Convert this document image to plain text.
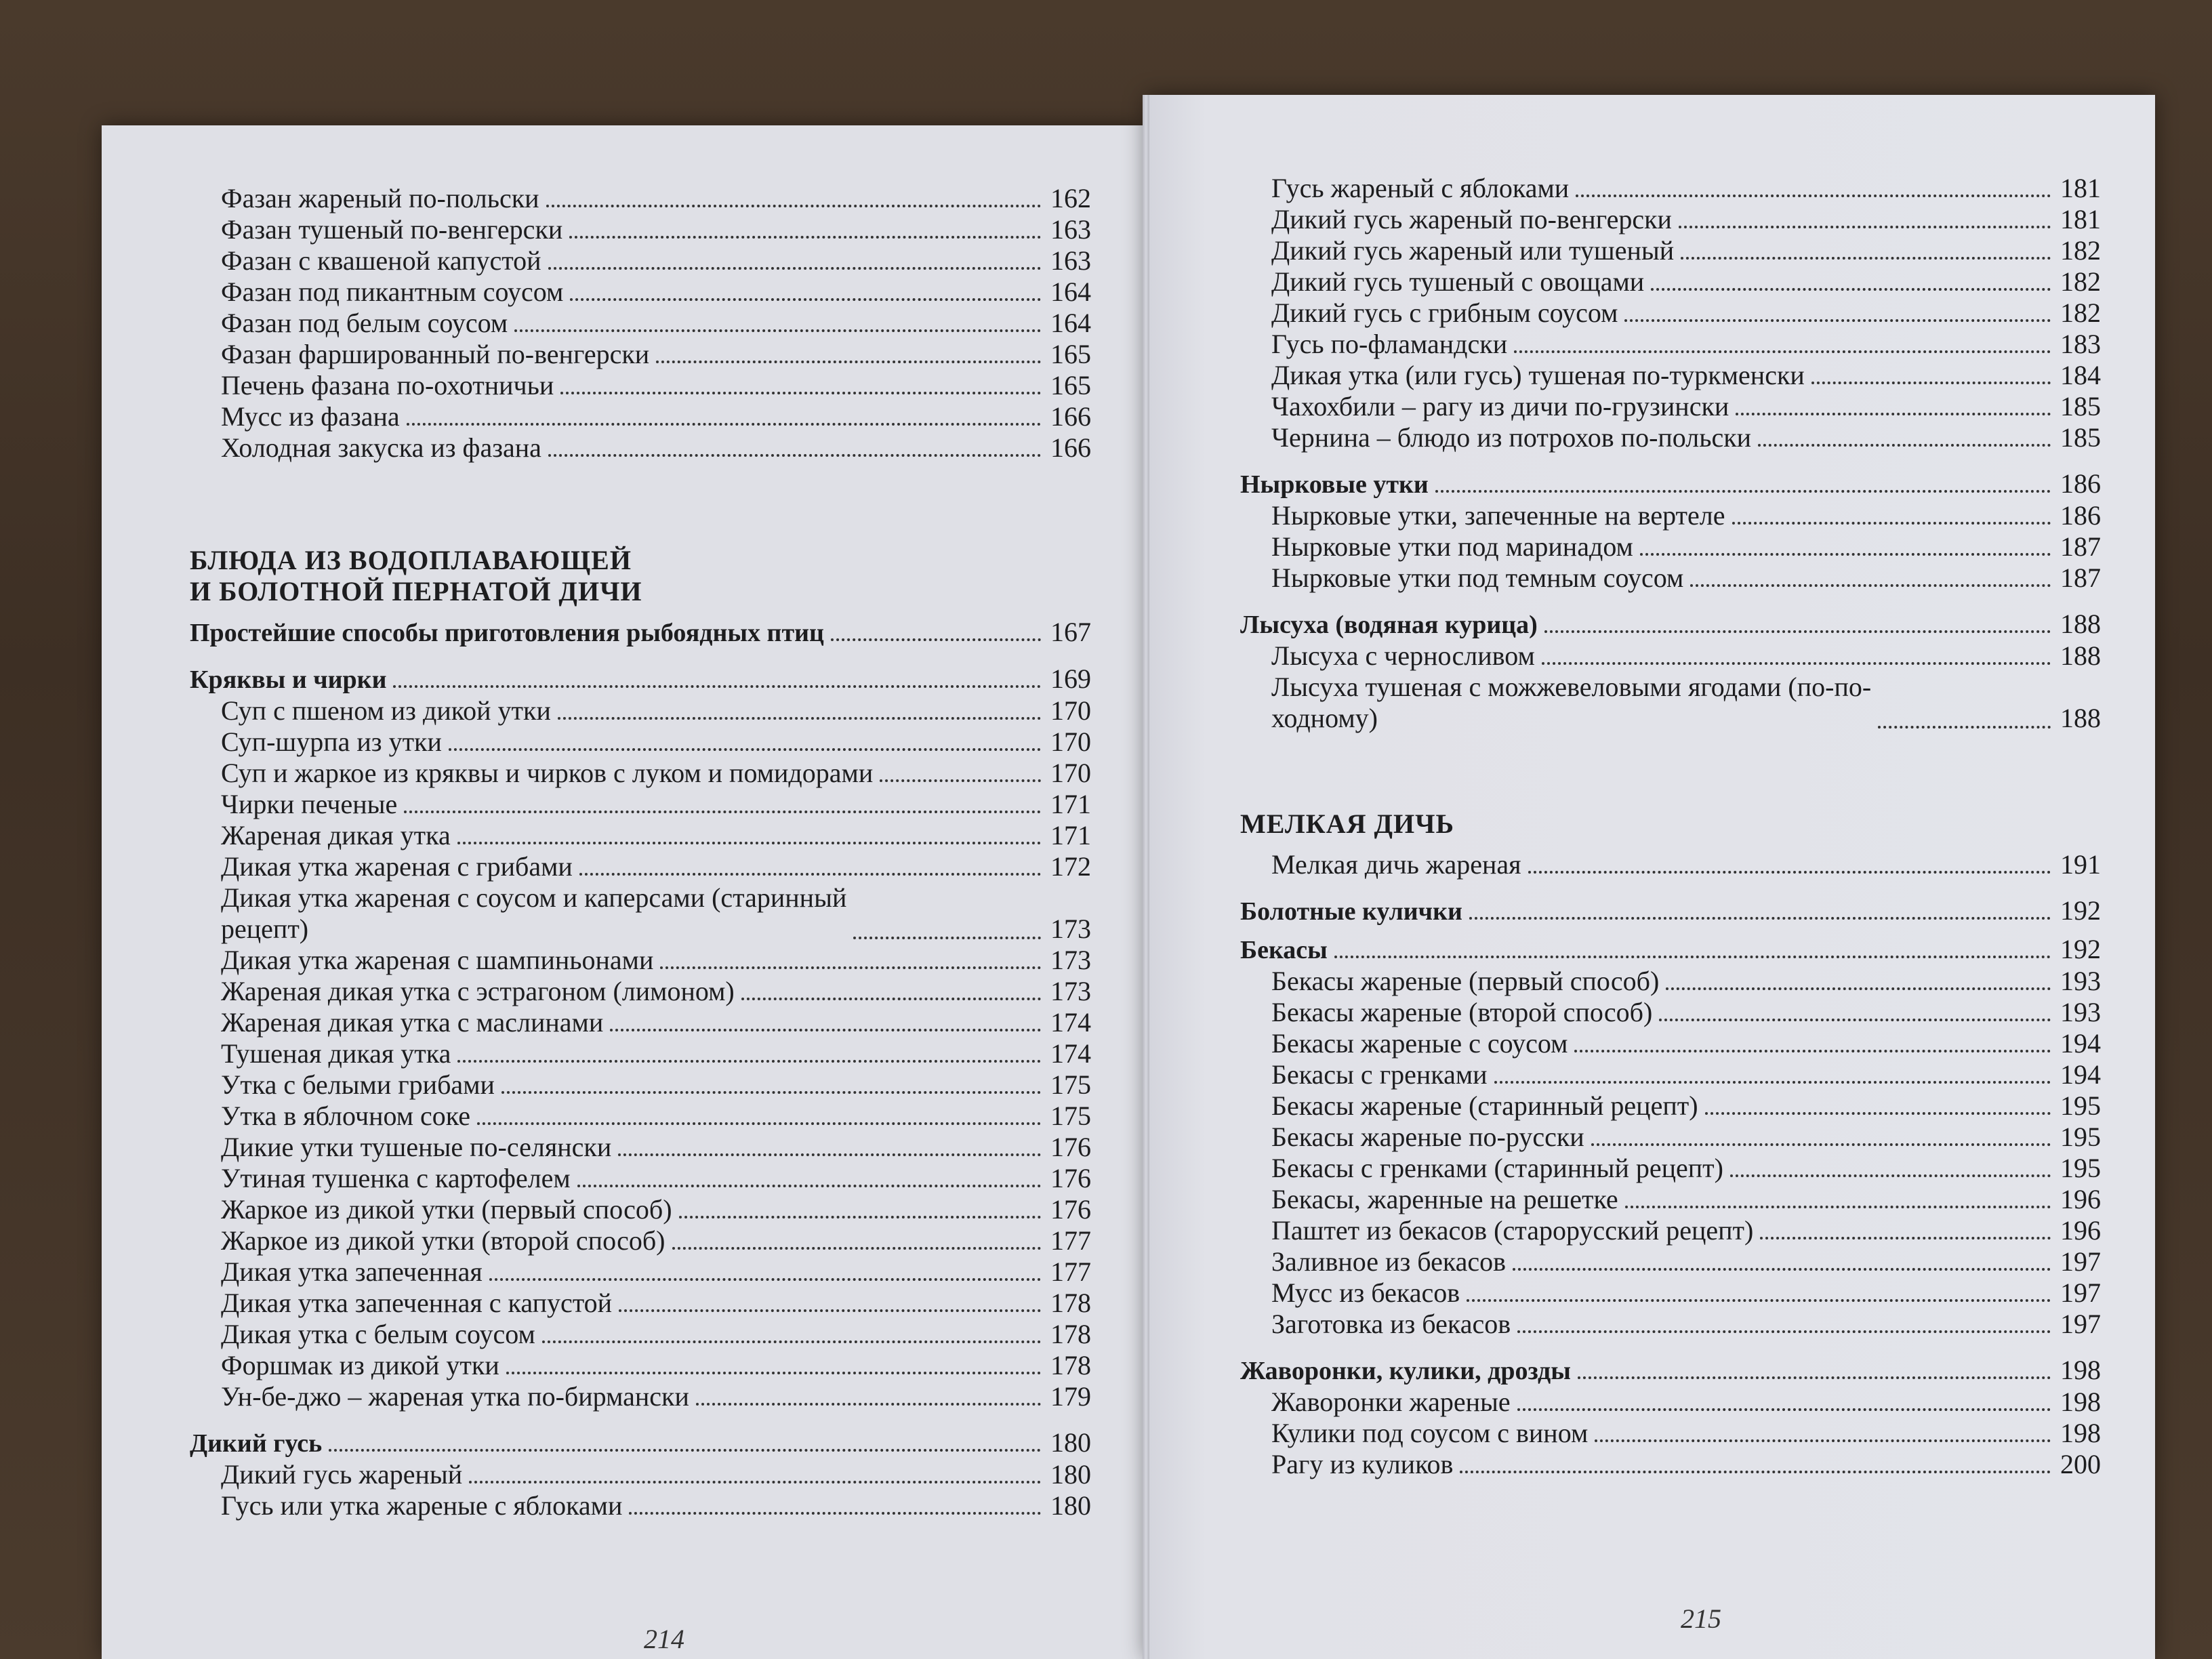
Фазан жареный по-польски	162
Фазан тушеный по-венгерски	163
Фазан с квашеной капустой	163
Фазан под пикантным соусом	164
Фазан под белым соусом	164
Фазан фаршированный по-венгерски	165
Печень фазана по-охотничьи	165
Мусс из фазана	166
Холодная закуска из фазана	166
БЛЮДА ИЗ ВОДОПЛАВАЮЩЕЙ
И БОЛОТНОЙ ПЕРНАТОЙ ДИЧИ
Простейшие способы приготовления рыбоядных птиц	167
Кряквы и чирки	169
Суп с пшеном из дикой утки	170
Суп-шурпа из утки	170
Суп и жаркое из кряквы и чирков с луком и помидорами	170
Чирки печеные	171
Жареная дикая утка	171
Дикая утка жареная с грибами	172
Дикая утка жареная с соусом и каперсами (старинный
рецепт)	173
Дикая утка жареная с шампиньонами	173
Жареная дикая утка с эстрагоном (лимоном)	173
Жареная дикая утка с маслинами	174
Тушеная дикая утка	174
Утка с белыми грибами	175
Утка в яблочном соке	175
Дикие утки тушеные по-селянски	176
Утиная тушенка с картофелем	176
Жаркое из дикой утки (первый способ)	176
Жаркое из дикой утки (второй способ)	177
Дикая утка запеченная	177
Дикая утка запеченная с капустой	178
Дикая утка с белым соусом	178
Форшмак из дикой утки	178
Ун-бе-джо – жареная утка по-бирмански	179
Дикий гусь	180
Дикий гусь жареный	180
Гусь или утка жареные с яблоками	180
214
Гусь жареный с яблоками	181
Дикий гусь жареный по-венгерски	181
Дикий гусь жареный или тушеный	182
Дикий гусь тушеный с овощами	182
Дикий гусь с грибным соусом	182
Гусь по-фламандски	183
Дикая утка (или гусь) тушеная по-туркменски	184
Чахохбили – рагу из дичи по-грузински	185
Чернина – блюдо из потрохов по-польски	185
Нырковые утки	186
Нырковые утки, запеченные на вертеле	186
Нырковые утки под маринадом	187
Нырковые утки под темным соусом	187
Лысуха (водяная курица)	188
Лысуха с черносливом	188
Лысуха тушеная с можжевеловыми ягодами (по-по-
ходному)	188
МЕЛКАЯ ДИЧЬ
Мелкая дичь жареная	191
Болотные кулички	192
Бекасы	192
Бекасы жареные (первый способ)	193
Бекасы жареные (второй способ)	193
Бекасы жареные с соусом	194
Бекасы с гренками	194
Бекасы жареные (старинный рецепт)	195
Бекасы жареные по-русски	195
Бекасы с гренками (старинный рецепт)	195
Бекасы, жаренные на решетке	196
Паштет из бекасов (старорусский рецепт)	196
Заливное из бекасов	197
Мусс из бекасов	197
Заготовка из бекасов	197
Жаворонки, кулики, дрозды	198
Жаворонки жареные	198
Кулики под соусом с вином	198
Рагу из куликов	200
215
